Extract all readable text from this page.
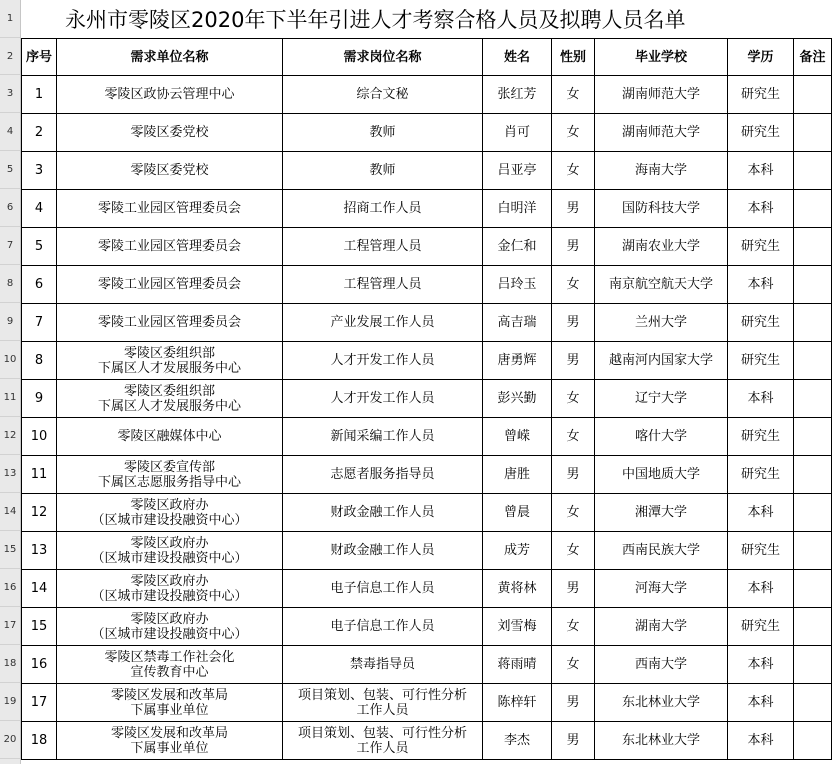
1
2
3
4
5
6
7
8
9
10
11
12
13
14
15
16
17
18
19
20
永州市零陵区2020年下半年引进人才考察合格人员及拟聘人员名单
序号	需求单位名称	需求岗位名称	姓名	性别	毕业学校	学历	备注
1	零陵区政协云管理中心	综合文秘	张红芳	女	湖南师范大学	研究生	
2	零陵区委党校	教师	肖可	女	湖南师范大学	研究生	
3	零陵区委党校	教师	吕亚亭	女	海南大学	本科	
4	零陵工业园区管理委员会	招商工作人员	白明洋	男	国防科技大学	本科	
5	零陵工业园区管理委员会	工程管理人员	金仁和	男	湖南农业大学	研究生	
6	零陵工业园区管理委员会	工程管理人员	吕玲玉	女	南京航空航天大学	本科	
7	零陵工业园区管理委员会	产业发展工作人员	高吉瑞	男	兰州大学	研究生	
8	零陵区委组织部
下属区人才发展服务中心	人才开发工作人员	唐勇辉	男	越南河内国家大学	研究生	
9	零陵区委组织部
下属区人才发展服务中心	人才开发工作人员	彭兴勤	女	辽宁大学	本科	
10	零陵区融媒体中心	新闻采编工作人员	曾嵘	女	喀什大学	研究生	
11	零陵区委宣传部
下属区志愿服务指导中心	志愿者服务指导员	唐胜	男	中国地质大学	研究生	
12	零陵区政府办
（区城市建设投融资中心）	财政金融工作人员	曾晨	女	湘潭大学	本科	
13	零陵区政府办
（区城市建设投融资中心）	财政金融工作人员	成芳	女	西南民族大学	研究生	
14	零陵区政府办
（区城市建设投融资中心）	电子信息工作人员	黄将林	男	河海大学	本科	
15	零陵区政府办
（区城市建设投融资中心）	电子信息工作人员	刘雪梅	女	湖南大学	研究生	
16	零陵区禁毒工作社会化
宣传教育中心	禁毒指导员	蒋雨晴	女	西南大学	本科	
17	零陵区发展和改革局
下属事业单位	项目策划、包装、可行性分析
工作人员	陈梓轩	男	东北林业大学	本科	
18	零陵区发展和改革局
下属事业单位	项目策划、包装、可行性分析
工作人员	李杰	男	东北林业大学	本科	
